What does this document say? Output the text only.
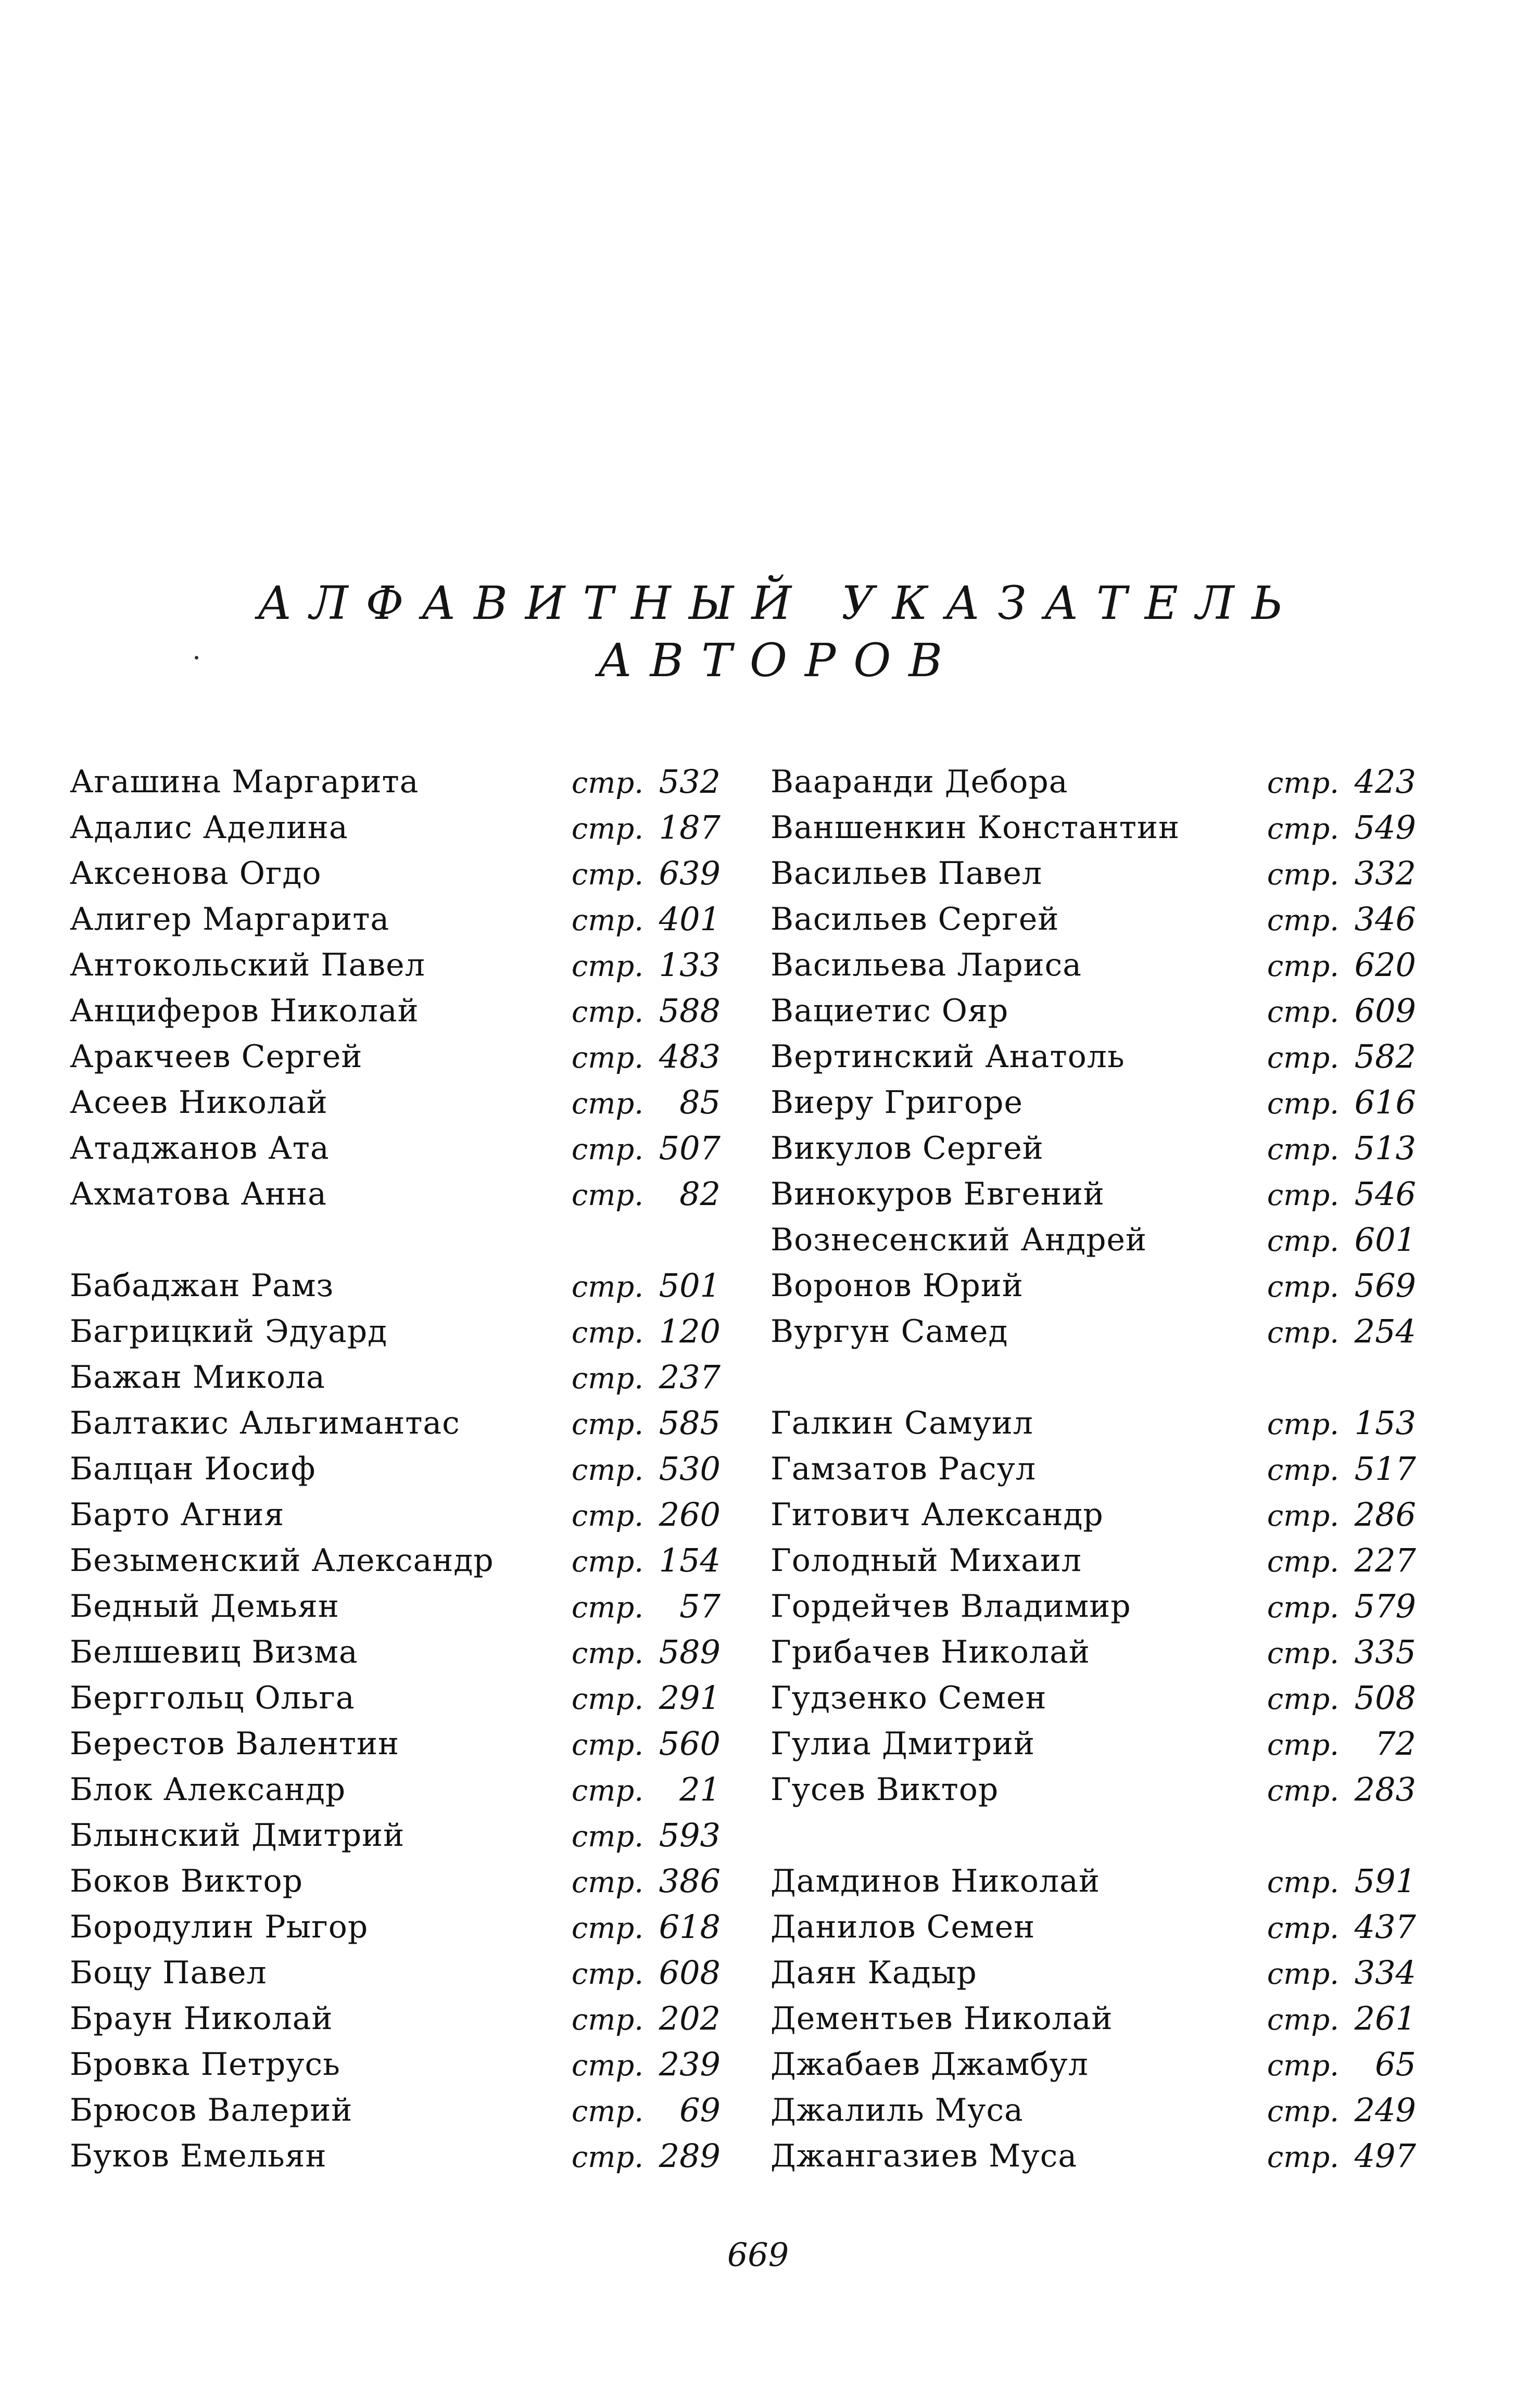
АЛФАВИТНЫЙ УКАЗАТЕЛЬ
АВТОРОВ
Агашина Маргарита	стр. 532
Адалис Аделина	стр. 187
Аксенова Огдо	стр. 639
Алигер Маргарита	стр. 401
Антокольский Павел	стр. 133
Анциферов Николай	стр. 588
Аракчеев Сергей	стр. 483
Асеев Николай	стр. 85
Атаджанов Ата	стр. 507
Ахматова Анна	стр. 82
Бабаджан Рамз	стр. 501
Багрицкий Эдуард	стр. 120
Бажан Микола	стр. 237
Балтакис Альгимантас	стр. 585
Балцан Иосиф	стр. 530
Барто Агния	стр. 260
Безыменский Александр	стр. 154
Бедный Демьян	стр. 57
Белшевиц Визма	стр. 589
Берггольц Ольга	стр. 291
Берестов Валентин	стр. 560
Блок Александр	стр. 21
Блынский Дмитрий	стр. 593
Боков Виктор	стр. 386
Бородулин Рыгор	стр. 618
Боцу Павел	стр. 608
Браун Николай	стр. 202
Бровка Петрусь	стр. 239
Брюсов Валерий	стр. 69
Буков Емельян	стр. 289
Вааранди Дебора	стр. 423
Ваншенкин Константин	стр. 549
Васильев Павел	стр. 332
Васильев Сергей	стр. 346
Васильева Лариса	стр. 620
Вациетис Ояр	стр. 609
Вертинский Анатоль	стр. 582
Виеру Григоре	стр. 616
Викулов Сергей	стр. 513
Винокуров Евгений	стр. 546
Вознесенский Андрей	стр. 601
Воронов Юрий	стр. 569
Вургун Самед	стр. 254
Галкин Самуил	стр. 153
Гамзатов Расул	стр. 517
Гитович Александр	стр. 286
Голодный Михаил	стр. 227
Гордейчев Владимир	стр. 579
Грибачев Николай	стр. 335
Гудзенко Семен	стр. 508
Гулиа Дмитрий	стр. 72
Гусев Виктор	стр. 283
Дамдинов Николай	стр. 591
Данилов Семен	стр. 437
Даян Кадыр	стр. 334
Дементьев Николай	стр. 261
Джабаев Джамбул	стр. 65
Джалиль Муса	стр. 249
Джангазиев Муса	стр. 497
669
